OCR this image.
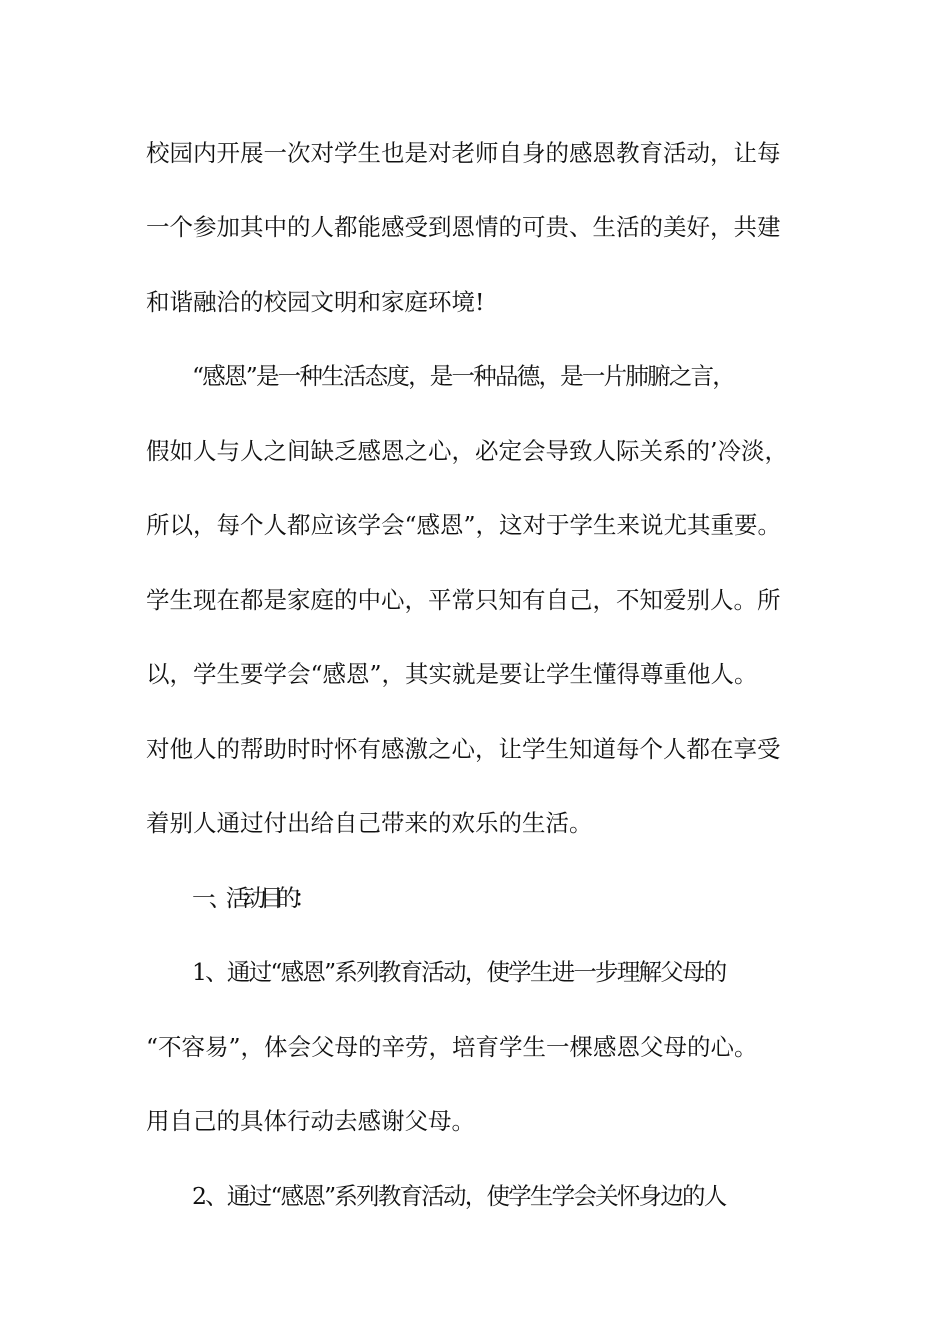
校园内开展一次对学生也是对老师自身的感恩教育活动，让每
一个参加其中的人都能感受到恩情的可贵、生活的美好，共建
和谐融洽的校园文明和家庭环境!
“感恩”是一种生活态度，是一种品德，是一片肺腑之言，
假如人与人之间缺乏感恩之心，必定会导致人际关系的’冷淡，
所以，每个人都应该学会“感恩”，这对于学生来说尤其重要。
学生现在都是家庭的中心，平常只知有自己，不知爱别人。所
以，学生要学会“感恩”，其实就是要让学生懂得尊重他人。
对他人的帮助时时怀有感激之心，让学生知道每个人都在享受
着别人通过付出给自己带来的欢乐的生活。
一、活动目的：
1、通过“感恩”系列教育活动，使学生进一步理解父母的
“不容易”，体会父母的辛劳，培育学生一棵感恩父母的心。
用自己的具体行动去感谢父母。
2、通过“感恩”系列教育活动，使学生学会关怀身边的人
